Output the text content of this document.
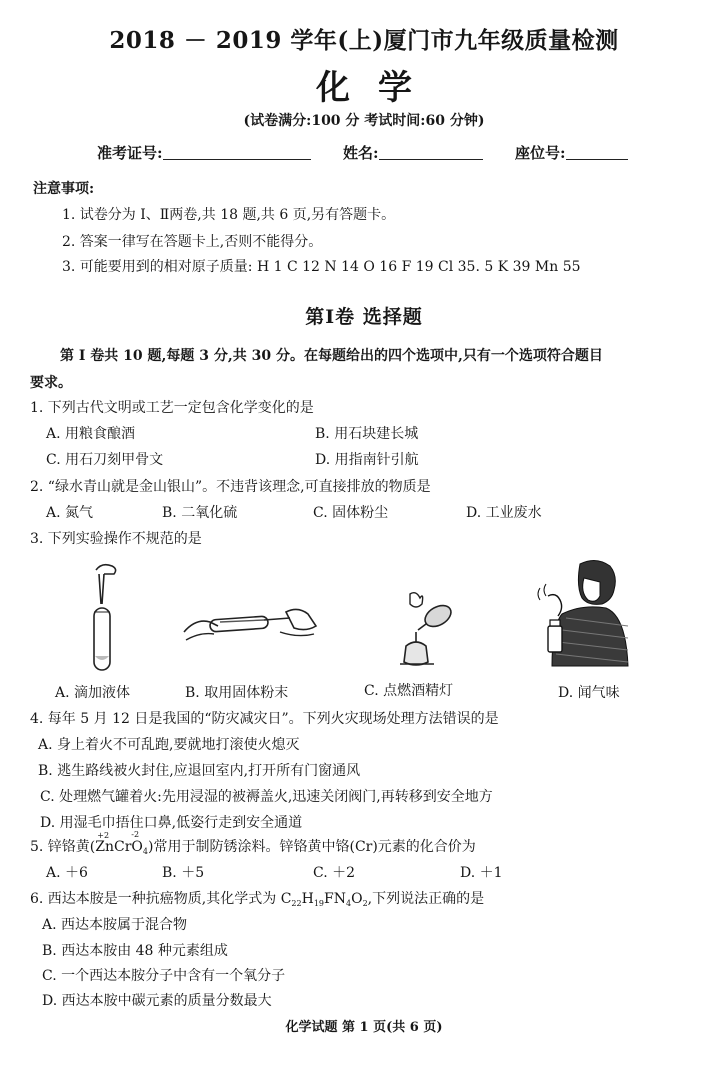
2018 － 2019 学年(上)厦门市九年级质量检测
化 学
(试卷满分:100 分 考试时间:60 分钟)
准考证号:	姓名:	座位号:
注意事项:
1. 试卷分为 Ⅰ、Ⅱ两卷,共 18 题,共 6 页,另有答题卡。
2. 答案一律写在答题卡上,否则不能得分。
3. 可能要用到的相对原子质量: H 1 C 12 N 14 O 16 F 19 Cl 35. 5 K 39 Mn 55
第Ⅰ卷 选择题
第 Ⅰ 卷共 10 题,每题 3 分,共 30 分。在每题给出的四个选项中,只有一个选项符合题目
要求。
1. 下列古代文明或工艺一定包含化学变化的是
A. 用粮食酿酒	B. 用石块建长城
C. 用石刀刻甲骨文	D. 用指南针引航
2. “绿水青山就是金山银山”。不违背该理念,可直接排放的物质是
A. 氮气	B. 二氧化硫	C. 固体粉尘	D. 工业废水
3. 下列实验操作不规范的是
A. 滴加液体	B. 取用固体粉末	C. 点燃酒精灯	D. 闻气味
4. 每年 5 月 12 日是我国的“防灾减灾日”。下列火灾现场处理方法错误的是
A. 身上着火不可乱跑,要就地打滚使火熄灭
B. 逃生路线被火封住,应退回室内,打开所有门窗通风
C. 处理燃气罐着火:先用浸湿的被褥盖火,迅速关闭阀门,再转移到安全地方
D. 用湿毛巾捂住口鼻,低姿行走到安全通道
5. 锌铬黄(
+2	-2
ZnCrO$_4$)常用于制防锈涂料。锌铬黄中铬(Cr)元素的化合价为
A. ＋6	B. ＋5	C. ＋2	D. ＋1
6. 西达本胺是一种抗癌物质,其化学式为 $C_{22}H_{19}FN_4O_2$,下列说法正确的是
A. 西达本胺属于混合物
B. 西达本胺由 48 种元素组成
C. 一个西达本胺分子中含有一个氧分子
D. 西达本胺中碳元素的质量分数最大
化学试题 第 1 页(共 6 页)
